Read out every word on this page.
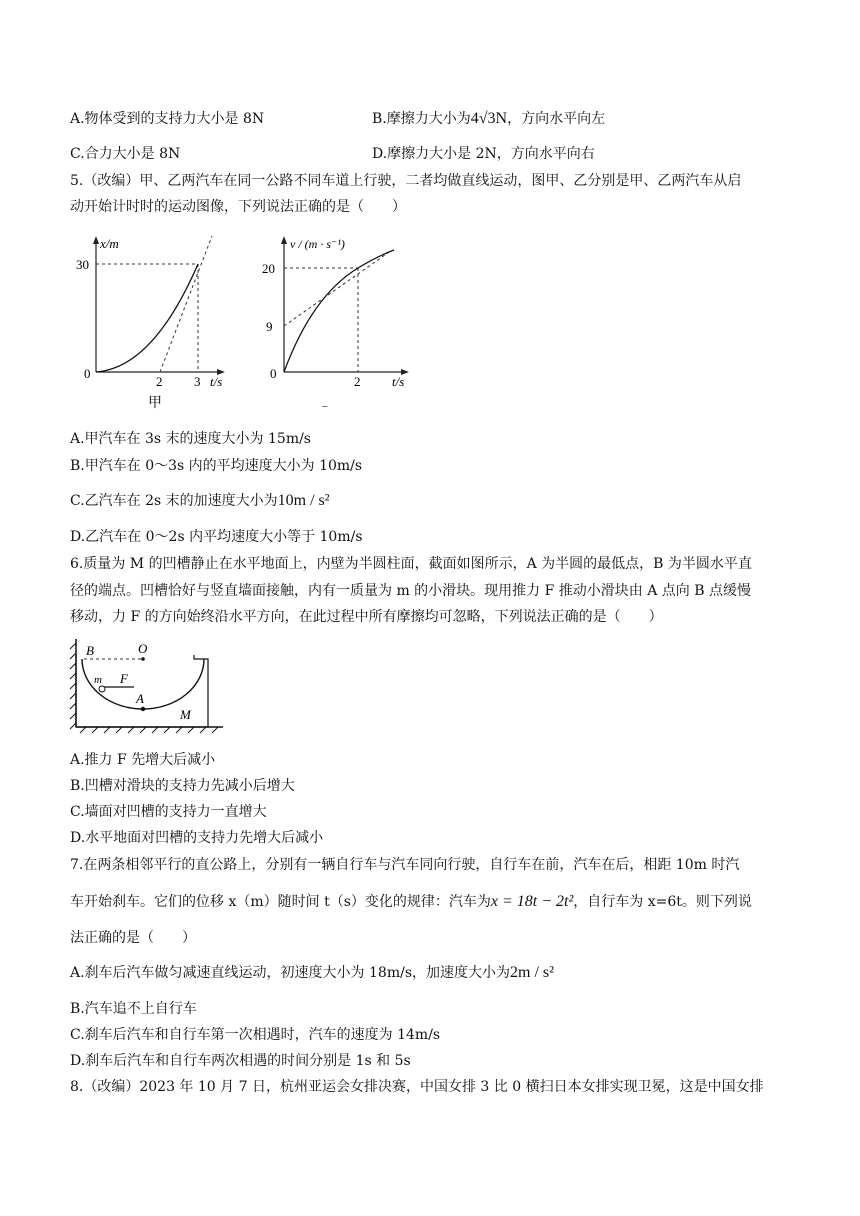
A.物体受到的支持力大小是 8N	B.摩擦力大小为4√3N，方向水平向左
C.合力大小是 8N	D.摩擦力大小是 2N，方向水平向右
5.（改编）甲、乙两汽车在同一公路不同车道上行驶，二者均做直线运动，图甲、乙分别是甲、乙两汽车从启
动开始计时时的运动图像，下列说法正确的是（　　）
x/m
30
0
2 3 t/s
甲
v / (m · s⁻¹)
20
9
0
2 t/s
–
A.甲汽车在 3s 末的速度大小为 15m/s
B.甲汽车在 0～3s 内的平均速度大小为 10m/s
C.乙汽车在 2s 末的加速度大小为10m / s²
D.乙汽车在 0～2s 内平均速度大小等于 10m/s
6.质量为 M 的凹槽静止在水平地面上，内壁为半圆柱面，截面如图所示，A 为半圆的最低点，B 为半圆水平直
径的端点。凹槽恰好与竖直墙面接触，内有一质量为 m 的小滑块。现用推力 F 推动小滑块由 A 点向 B 点缓慢
移动，力 F 的方向始终沿水平方向，在此过程中所有摩擦均可忽略，下列说法正确的是（　　）
B	O
m F
A
M
A.推力 F 先增大后减小
B.凹槽对滑块的支持力先减小后增大
C.墙面对凹槽的支持力一直增大
D.水平地面对凹槽的支持力先增大后减小
7.在两条相邻平行的直公路上，分别有一辆自行车与汽车同向行驶，自行车在前，汽车在后，相距 10m 时汽
车开始刹车。它们的位移 x（m）随时间 t（s）变化的规律：汽车为x = 18t − 2t²，自行车为 x=6t。则下列说
法正确的是（　　）
A.刹车后汽车做匀减速直线运动，初速度大小为 18m/s，加速度大小为2m / s²
B.汽车追不上自行车
C.刹车后汽车和自行车第一次相遇时，汽车的速度为 14m/s
D.刹车后汽车和自行车两次相遇的时间分别是 1s 和 5s
8.（改编）2023 年 10 月 7 日，杭州亚运会女排决赛，中国女排 3 比 0 横扫日本女排实现卫冕，这是中国女排
